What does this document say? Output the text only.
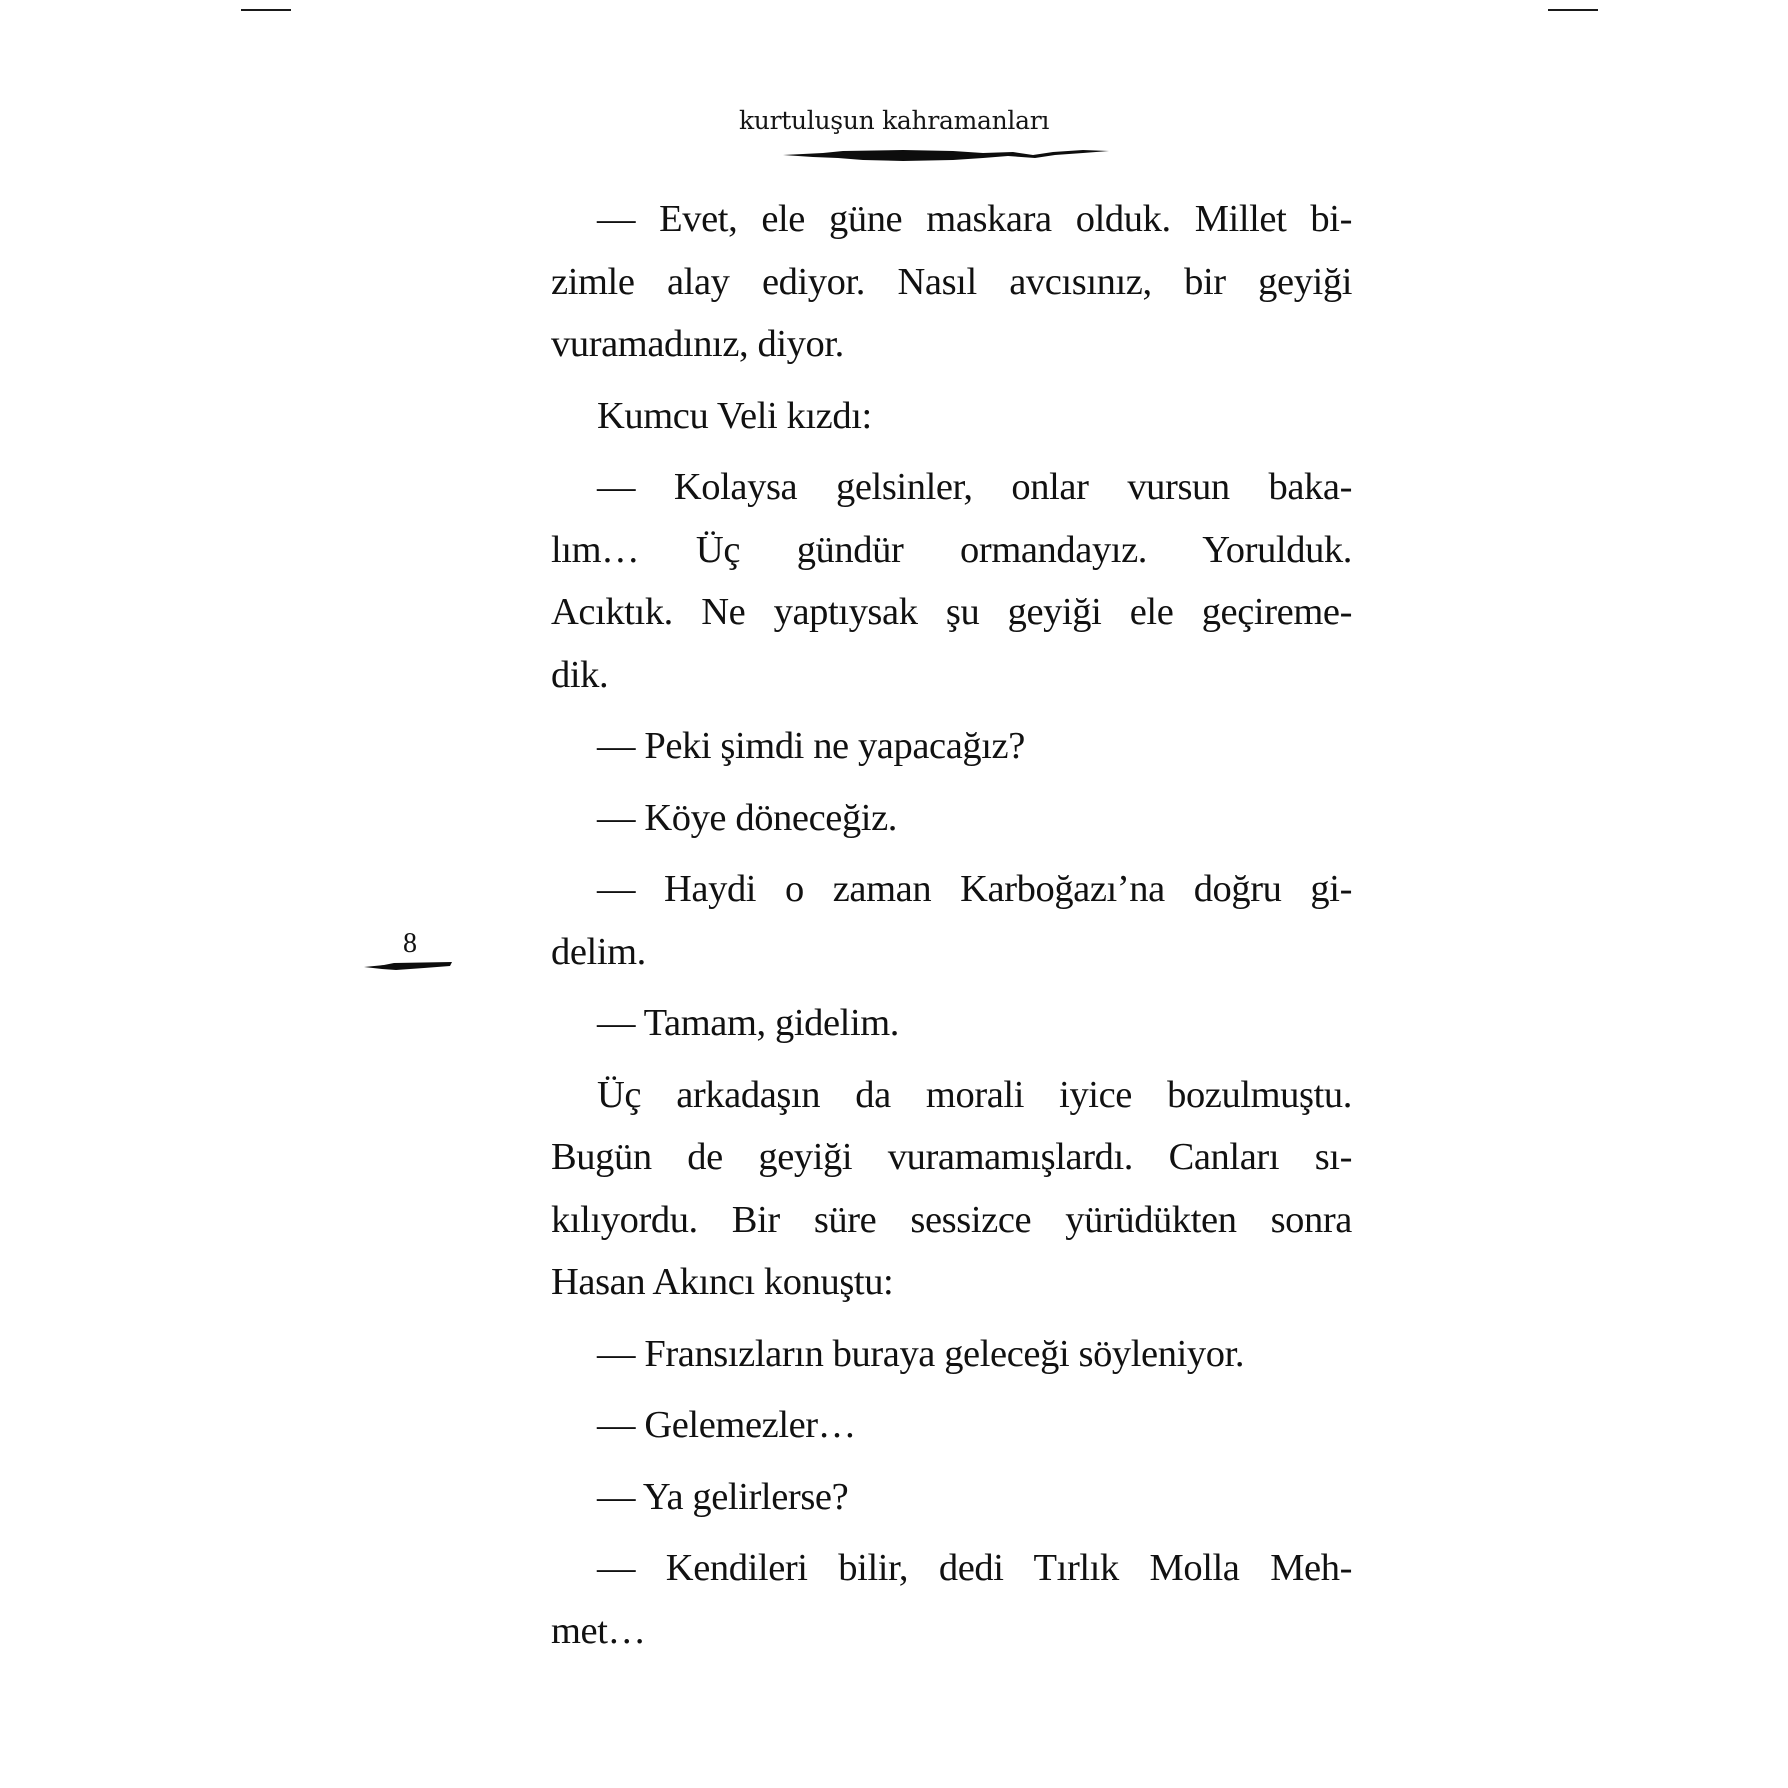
kurtuluşun kahramanları
8

— Evet, ele güne maskara olduk. Millet bi-
zimle alay ediyor. Nasıl avcısınız, bir geyiği
vuramadınız, diyor.

Kumcu Veli kızdı:

— Kolaysa gelsinler, onlar vursun baka-
lım… Üç gündür ormandayız. Yorulduk.
Acıktık. Ne yaptıysak şu geyiği ele geçireme-
dik.

— Peki şimdi ne yapacağız?

— Köye döneceğiz.

— Haydi o zaman Karboğazı’na doğru gi-
delim.

— Tamam, gidelim.

Üç arkadaşın da morali iyice bozulmuştu.
Bugün de geyiği vuramamışlardı. Canları sı-
kılıyordu. Bir süre sessizce yürüdükten sonra
Hasan Akıncı konuştu:

— Fransızların buraya geleceği söyleniyor.

— Gelemezler…

— Ya gelirlerse?

— Kendileri bilir, dedi Tırlık Molla Meh-
met…
